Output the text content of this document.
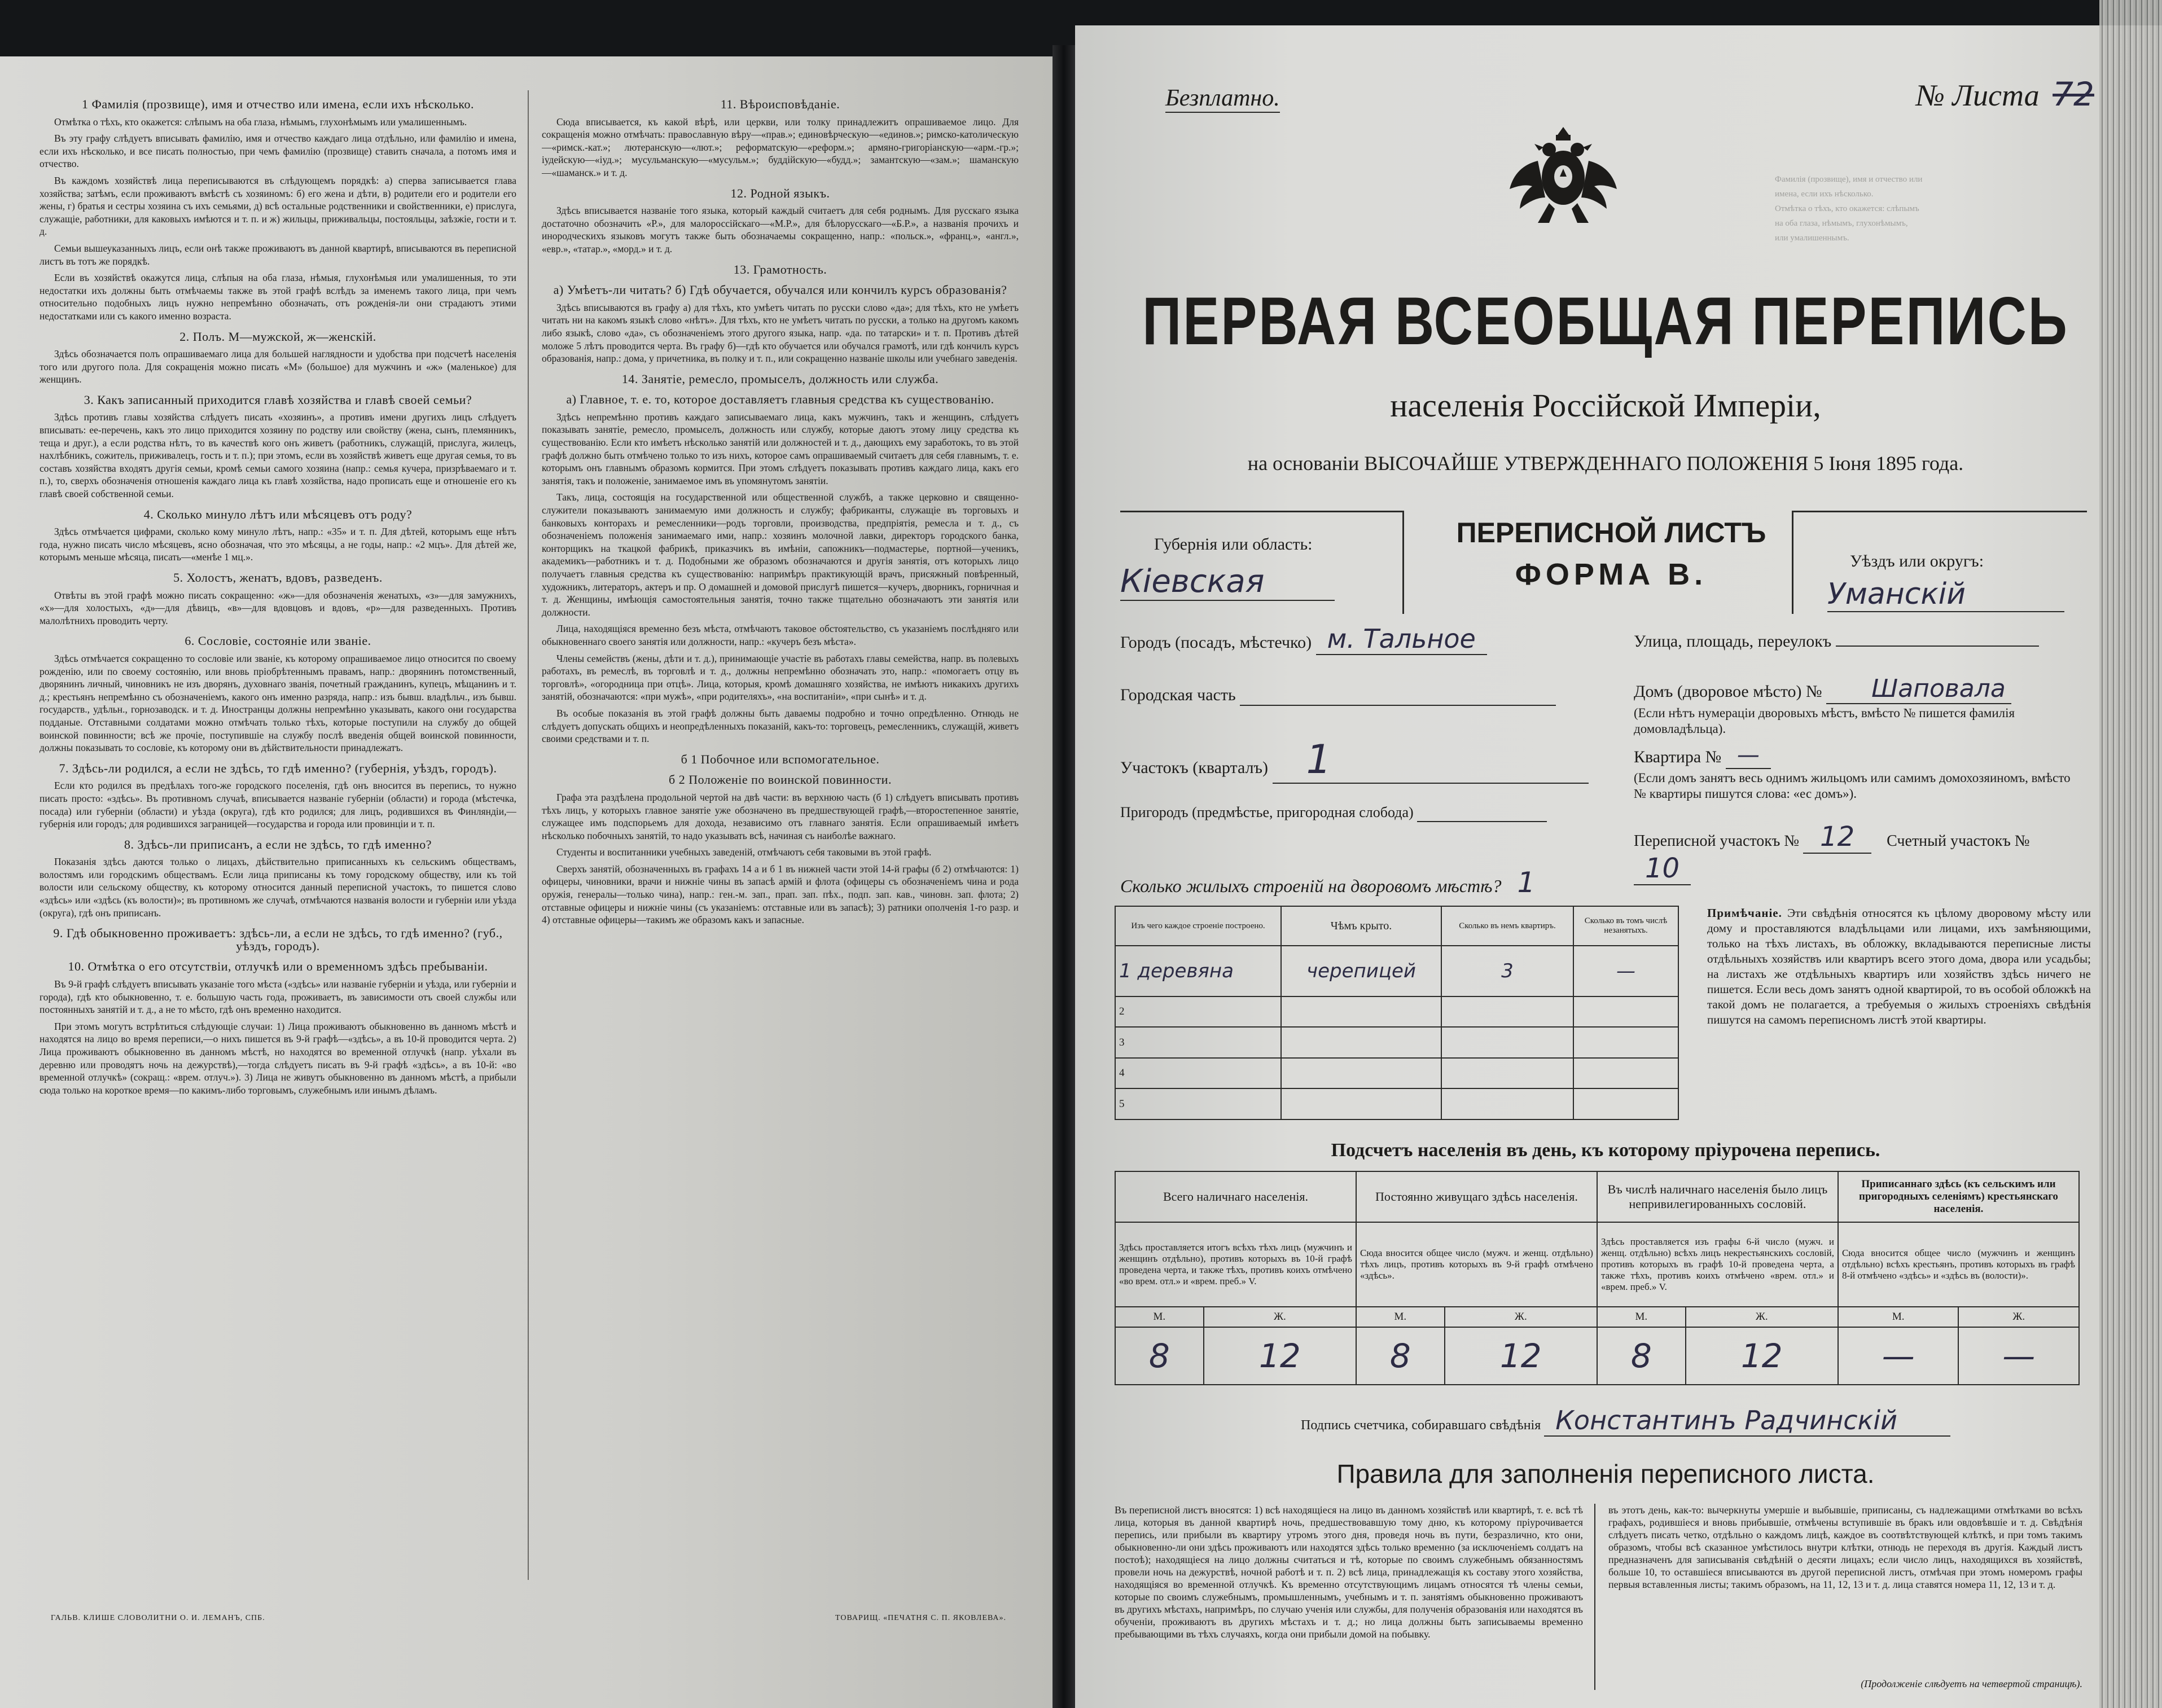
1 Фамилія (прозвище), имя и отчество или имена, если ихъ нѣсколько.

Отмѣтка о тѣхъ, кто окажется: слѣпымъ на оба глаза, нѣмымъ, глухонѣмымъ или умалишеннымъ.

Въ эту графу слѣдуетъ вписывать фамилію, имя и отчество каждаго лица отдѣльно, или фамилію и имена, если ихъ нѣсколько, и все писать полностью, при чемъ фамилію (прозвище) ставить сначала, а потомъ имя и отчество.

Въ каждомъ хозяйствѣ лица переписываются въ слѣдующемъ порядкѣ: а) сперва записывается глава хозяйства; затѣмъ, если проживаютъ вмѣстѣ съ хозяиномъ: б) его жена и дѣти, в) родители его и родители его жены, г) братья и сестры хозяина съ ихъ семьями, д) всѣ остальные родственники и свойственники, е) прислуга, служащіе, работники, для каковыхъ имѣются и т. п. и ж) жильцы, приживальцы, постояльцы, заѣзжіе, гости и т. д.

Семьи вышеуказанныхъ лицъ, если онѣ также проживаютъ въ данной квартирѣ, вписываются въ переписной листъ въ тотъ же порядкѣ.

Если въ хозяйствѣ окажутся лица, слѣпыя на оба глаза, нѣмыя, глухонѣмыя или умалишенныя, то эти недостатки ихъ должны быть отмѣчаемы также въ этой графѣ вслѣдъ за именемъ такого лица, при чемъ относительно подобныхъ лицъ нужно непремѣнно обозначать, отъ рожденія-ли они страдаютъ этими недостатками или съ какого именно возраста.

2. Полъ. М—мужской, ж—женскій.

Здѣсь обозначается полъ опрашиваемаго лица для большей наглядности и удобства при подсчетѣ населенія того или другого пола. Для сокращенія можно писать «М» (большое) для мужчинъ и «ж» (маленькое) для женщинъ.

3. Какъ записанный приходится главѣ хозяйства и главѣ своей семьи?

Здѣсь противъ главы хозяйства слѣдуетъ писать «хозяинъ», а противъ имени другихъ лицъ слѣдуетъ вписывать: ее-перечень, какъ это лицо приходится хозяину по родству или свойству (жена, сынъ, племянникъ, теща и друг.), а если родства нѣтъ, то въ качествѣ кого онъ живетъ (работникъ, служащій, прислуга, жилецъ, нахлѣбникъ, сожитель, приживалецъ, гость и т. п.); при этомъ, если въ хозяйствѣ живетъ еще другая семья, то въ составъ хозяйства входятъ другія семьи, кромѣ семьи самого хозяина (напр.: семья кучера, призрѣваемаго и т. п.), то, сверхъ обозначенія отношенія каждаго лица къ главѣ хозяйства, надо прописать еще и отношеніе его къ главѣ своей собственной семьи.

4. Сколько минуло лѣтъ или мѣсяцевъ отъ роду?

Здѣсь отмѣчается цифрами, сколько кому минуло лѣтъ, напр.: «35» и т. п. Для дѣтей, которымъ еще нѣтъ года, нужно писать число мѣсяцевъ, ясно обозначая, что это мѣсяцы, а не годы, напр.: «2 мцъ». Для дѣтей же, которымъ меньше мѣсяца, писать—«менѣе 1 мц.».

5. Холостъ, женатъ, вдовъ, разведенъ.

Отвѣты въ этой графѣ можно писать сокращенно: «ж»—для обозначенія женатыхъ, «з»—для замужнихъ, «х»—для холостыхъ, «д»—для дѣвицъ, «в»—для вдовцовъ и вдовъ, «р»—для разведенныхъ. Противъ малолѣтнихъ проводить черту.

6. Сословіе, состояніе или званіе.

Здѣсь отмѣчается сокращенно то сословіе или званіе, къ которому опрашиваемое лицо относится по своему рожденію, или по своему состоянію, или вновь пріобрѣтеннымъ правамъ, напр.: дворянинъ потомственный, дворянинъ личный, чиновникъ не изъ дворянъ, духовнаго званія, почетный гражданинъ, купецъ, мѣщанинъ и т. д.; крестьянъ непремѣнно съ обозначеніемъ, какого онъ именно разряда, напр.: изъ бывш. владѣльч., изъ бывш. государств., удѣльн., горнозаводск. и т. д. Иностранцы должны непремѣнно указывать, какого они государства подданые. Отставными солдатами можно отмѣчать только тѣхъ, которые поступили на службу до общей воинской повинности; всѣ же прочіе, поступившіе на службу послѣ введенія общей воинской повинности, должны показывать то сословіе, къ которому они въ дѣйствительности принадлежатъ.

7. Здѣсь-ли родился, а если не здѣсь, то гдѣ именно? (губернія, уѣздъ, городъ).

Если кто родился въ предѣлахъ того-же городского поселенія, гдѣ онъ вносится въ перепись, то нужно писать просто: «здѣсь». Въ противномъ случаѣ, вписывается названіе губерніи (области) и города (мѣстечка, посада) или губерніи (области) и уѣзда (округа), гдѣ кто родился; для лицъ, родившихся въ Финляндіи,—губернія или городъ; для родившихся заграницей—государства и города или провинціи и т. п.

8. Здѣсь-ли приписанъ, а если не здѣсь, то гдѣ именно?

Показанія здѣсь даются только о лицахъ, дѣйствительно приписанныхъ къ сельскимъ обществамъ, волостямъ или городскимъ обществамъ. Если лица приписаны къ тому городскому обществу, или къ той волости или сельскому обществу, къ которому относится данный переписной участокъ, то пишется слово «здѣсь» или «здѣсь (къ волости)»; въ противномъ же случаѣ, отмѣчаются названія волости и губерніи или уѣзда (округа), гдѣ онъ приписанъ.

9. Гдѣ обыкновенно проживаетъ: здѣсь-ли, а если не здѣсь, то гдѣ именно? (губ., уѣздъ, городъ).
10. Отмѣтка о его отсутствіи, отлучкѣ или о временномъ здѣсь пребываніи.

Въ 9-й графѣ слѣдуетъ вписывать указаніе того мѣста («здѣсь» или названіе губерніи и уѣзда, или губерніи и города), гдѣ кто обыкновенно, т. е. большую часть года, проживаетъ, въ зависимости отъ своей службы или постоянныхъ занятій и т. д., а не то мѣсто, гдѣ онъ временно находится.

При этомъ могутъ встрѣтиться слѣдующіе случаи: 1) Лица проживаютъ обыкновенно въ данномъ мѣстѣ и находятся на лицо во время переписи,—о нихъ пишется въ 9-й графѣ—«здѣсь», а въ 10-й проводится черта. 2) Лица проживаютъ обыкновенно въ данномъ мѣстѣ, но находятся во временной отлучкѣ (напр. уѣхали въ деревню или проводятъ ночь на дежурствѣ),—тогда слѣдуетъ писать въ 9-й графѣ «здѣсь», а въ 10-й: «во временной отлучкѣ» (сокращ.: «врем. отлуч.»). 3) Лица не живутъ обыкновенно въ данномъ мѣстѣ, а прибыли сюда только на короткое время—по какимъ-либо торговымъ, служебнымъ или инымъ дѣламъ.

11. Вѣроисповѣданіе.

Сюда вписывается, къ какой вѣрѣ, или церкви, или толку принадлежитъ опрашиваемое лицо. Для сокращенія можно отмѣчать: православную вѣру—«прав.»; единовѣрческую—«единов.»; римско-католическую—«римск.-кат.»; лютеранскую—«лют.»; реформатскую—«реформ.»; армяно-григоріанскую—«арм.-гр.»; іудейскую—«іуд.»; мусульманскую—«мусульм.»; буддійскую—«будд.»; замантскую—«зам.»; шаманскую—«шаманск.» и т. д.

12. Родной языкъ.

Здѣсь вписывается названіе того языка, который каждый считаетъ для себя роднымъ. Для русскаго языка достаточно обозначить «Р.», для малороссійскаго—«М.Р.», для бѣлорусскаго—«Б.Р.», а названія прочихъ и инородческихъ языковъ могутъ также быть обозначаемы сокращенно, напр.: «польск.», «франц.», «англ.», «евр.», «татар.», «морд.» и т. д.

13. Грамотность.
а) Умѣетъ-ли читать? б) Гдѣ обучается, обучался или кончилъ курсъ образованія?

Здѣсь вписываются въ графу а) для тѣхъ, кто умѣетъ читать по русски слово «да»; для тѣхъ, кто не умѣетъ читать ни на какомъ языкѣ слово «нѣтъ». Для тѣхъ, кто не умѣетъ читать по русски, а только на другомъ какомъ либо языкѣ, слово «да», съ обозначеніемъ этого другого языка, напр. «да. по татарски» и т. п. Противъ дѣтей моложе 5 лѣтъ проводится черта. Въ графу б)—гдѣ кто обучается или обучался грамотѣ, или гдѣ кончилъ курсъ образованія, напр.: дома, у причетника, въ полку и т. п., или сокращенно названіе школы или учебнаго заведенія.

14. Занятіе, ремесло, промыселъ, должность или служба.
а) Главное, т. е. то, которое доставляетъ главныя средства къ существованію.

Здѣсь непремѣнно противъ каждаго записываемаго лица, какъ мужчинъ, такъ и женщинъ, слѣдуетъ показывать занятіе, ремесло, промыселъ, должность или службу, которые даютъ этому лицу средства къ существованію. Если кто имѣетъ нѣсколько занятій или должностей и т. д., дающихъ ему заработокъ, то въ этой графѣ должно быть отмѣчено только то изъ нихъ, которое самъ опрашиваемый считаетъ для себя главнымъ, т. е. которымъ онъ главнымъ образомъ кормится. При этомъ слѣдуетъ показывать противъ каждаго лица, какъ его занятія, такъ и положеніе, занимаемое имъ въ упомянутомъ занятіи.

Такъ, лица, состоящія на государственной или общественной службѣ, а также церковно и священно-служители показываютъ занимаемую ими должность и службу; фабриканты, служащіе въ торговыхъ и банковыхъ конторахъ и ремесленники—родъ торговли, производства, предпріятія, ремесла и т. д., съ обозначеніемъ положенія занимаемаго ими, напр.: хозяинъ молочной лавки, директоръ городского банка, конторщикъ на ткацкой фабрикѣ, приказчикъ въ имѣніи, сапожникъ—подмастерье, портной—ученикъ, академикъ—работникъ и т. д. Подобными же образомъ обозначаются и другія занятія, отъ которыхъ лицо получаетъ главныя средства къ существованію: напримѣръ практикующій врачъ, присяжный повѣренный, художникъ, литераторъ, актеръ и пр. О домашней и домовой прислугѣ пишется—кучеръ, дворникъ, горничная и т. д. Женщины, имѣющія самостоятельныя занятія, точно также тщательно обозначаютъ эти занятія или должности.

Лица, находящіяся временно безъ мѣста, отмѣчаютъ таковое обстоятельство, съ указаніемъ послѣдняго или обыкновеннаго своего занятія или должности, напр.: «кучеръ безъ мѣста».

Члены семействъ (жены, дѣти и т. д.), принимающіе участіе въ работахъ главы семейства, напр. въ полевыхъ работахъ, въ ремеслѣ, въ торговлѣ и т. д., должны непремѣнно обозначать это, напр.: «помогаетъ отцу въ торговлѣ», «огородница при отцѣ». Лица, которыя, кромѣ домашняго хозяйства, не имѣютъ никакихъ другихъ занятій, обозначаются: «при мужѣ», «при родителяхъ», «на воспитаніи», «при сынѣ» и т. д.

Въ особые показанія въ этой графѣ должны быть даваемы подробно и точно опредѣленно. Отнюдь не слѣдуетъ допускать общихъ и неопредѣленныхъ показаній, какъ-то: торговецъ, ремесленникъ, служащій, живетъ своими средствами и т. п.

б 1 Побочное или вспомогательное.
б 2 Положеніе по воинской повинности.

Графа эта раздѣлена продольной чертой на двѣ части: въ верхнюю часть (б 1) слѣдуетъ вписывать противъ тѣхъ лицъ, у которыхъ главное занятіе уже обозначено въ предшествующей графѣ,—второстепенное занятіе, служащее имъ подспорьемъ для дохода, независимо отъ главнаго занятія. Если опрашиваемый имѣетъ нѣсколько побочныхъ занятій, то надо указывать всѣ, начиная съ наиболѣе важнаго.

Студенты и воспитанники учебныхъ заведеній, отмѣчаютъ себя таковыми въ этой графѣ.

Сверхъ занятій, обозначенныхъ въ графахъ 14 а и б 1 въ нижней части этой 14-й графы (б 2) отмѣчаются: 1) офицеры, чиновники, врачи и нижніе чины въ запасѣ армій и флота (офицеры съ обозначеніемъ чина и рода оружія, генералы—только чина), напр.: ген.-м. зап., прап. зап. пѣх., подп. зап. кав., чиновн. зап. флота; 2) отставные офицеры и нижніе чины (съ указаніемъ: отставные или въ запасѣ); 3) ратники ополченія 1-го разр. и 4) отставные офицеры—такимъ же образомъ какъ и запасные.

ГАЛЬВ. КЛИШЕ СЛОВОЛИТНИ О. И. ЛЕМАНЪ, СПБ.	ТОВАРИЩ. «ПЕЧАТНЯ С. П. ЯКОВЛЕВА».
Фамилія (прозвище), имя и отчество или
имена, если ихъ нѣсколько.
Отмѣтка о тѣхъ, кто окажется: слѣпымъ
на оба глаза, нѣмымъ, глухонѣмымъ,
или умалишеннымъ.
Безплатно.	№ Листа 72
ПЕРВАЯ ВСЕОБЩАЯ ПЕРЕПИСЬ
населенія Россійской Имперіи,
на основаніи ВЫСОЧАЙШЕ УТВЕРЖДЕННАГО ПОЛОЖЕНІЯ 5 Іюня 1895 года.
Губернія или область:
Кiевская
ПЕРЕПИСНОЙ ЛИСТЪ
ФОРМА В.	Уѣздъ или округъ:
Уманскiй
Городъ (посадъ, мѣстечко) м. Тальное	Улица, площадь, переулокъ
Городская часть	Домъ (дворовое мѣсто) № Шаповала
(Если нѣтъ нумераціи дворовыхъ мѣстъ, вмѣсто № пишется фамилія домовладѣльца).
Участокъ (кварталъ) 1	Квартира № —
(Если домъ занятъ весь однимъ жильцомъ или самимъ домохозяиномъ, вмѣсто № квартиры пишутся слова: «ес домъ»).
Пригородъ (предмѣстье, пригородная слобода)
Переписной участокъ № 12 Счетный участокъ № 10
Сколько жилыхъ строеній на дворовомъ мѣстѣ? 1
Изъ чего каждое строеніе построено.	Чѣмъ крыто.	Сколько въ немъ квартиръ.	Сколько въ томъ числѣ незанятыхъ.
1 деревяна	черепицей	3	—
2			
3			
4			
5			
Примѣчаніе. Эти свѣдѣнія относятся къ цѣлому дворовому мѣсту или дому и проставляются владѣльцами или лицами, ихъ замѣняющими, только на тѣхъ листахъ, въ обложку, вкладываются переписные листы отдѣльныхъ хозяйствъ или квартиръ всего этого дома, двора или усадьбы; на листахъ же отдѣльныхъ квартиръ или хозяйствъ здѣсь ничего не пишется. Если весь домъ занятъ одной квартирой, то въ особой обложкѣ на такой домъ не полагается, а требуемыя о жилыхъ строеніяхъ свѣдѣнія пишутся на самомъ переписномъ листѣ этой квартиры.
Подсчетъ населенія въ день, къ которому пріурочена перепись.
Всего наличнаго населенія.		Постоянно живущаго здѣсь населенія.		Въ числѣ наличнаго населенія было лицъ непривилегированныхъ сословій.		Приписаннаго здѣсь (къ сельскимъ или пригородныхъ селеніямъ) крестьянскаго населенія.	
Здѣсь проставляется итогъ всѣхъ тѣхъ лицъ (мужчинъ и женщинъ отдѣльно), противъ которыхъ въ 10-й графѣ проведена черта, и также тѣхъ, противъ коихъ отмѣчено «во врем. отл.» и «врем. преб.» V.		Сюда вносится общее число (мужч. и женщ. отдѣльно) тѣхъ лицъ, противъ которыхъ въ 9-й графѣ отмѣчено «здѣсь».		Здѣсь проставляется изъ графы 6-й число (мужч. и женщ. отдѣльно) всѣхъ лицъ некрестьянскихъ сословій, противъ которыхъ въ графѣ 10-й проведена черта, а также тѣхъ, противъ коихъ отмѣчено «врем. отл.» и «врем. преб.» V.		Сюда вносится общее число (мужчинъ и женщинъ отдѣльно) всѣхъ крестьянъ, противъ которыхъ въ графѣ 8-й отмѣчено «здѣсь» и «здѣсь въ (волости)».	
М.	Ж.	М.	Ж.	М.	Ж.	М.	Ж.
8	12	8	12	8	12	—	—
Подпись счетчика, собиравшаго свѣдѣнія Константинъ Радчинскiй
Правила для заполненія переписного листа.
Въ переписной листъ вносятся: 1) всѣ находящіеся на лицо въ данномъ хозяйствѣ или квартирѣ, т. е. всѣ тѣ лица, которыя въ данной квартирѣ ночь, предшествовавшую тому дню, къ которому пріурочивается перепись, или прибыли въ квартиру утромъ этого дня, проведя ночь въ пути, безразлично, кто они, обыкновенно-ли они здѣсь проживаютъ или находятся здѣсь только временно (за исключеніемъ солдатъ на постоѣ); находящіеся на лицо должны считаться и тѣ, которые по своимъ служебнымъ обязанностямъ провели ночь на дежурствѣ, ночной работѣ и т. п. 2) всѣ лица, принадлежащія къ составу этого хозяйства, находящіяся во временной отлучкѣ. Къ временно отсутствующимъ лицамъ относятся тѣ члены семьи, которые по своимъ служебнымъ, промышленнымъ, учебнымъ и т. п. занятіямъ обыкновенно проживаютъ въ другихъ мѣстахъ, напримѣръ, по случаю ученія или службы, для полученія образованія или находятся въ обученіи, проживаютъ въ другихъ мѣстахъ и т. д.; но лица должны быть записываемы временно пребывающими въ тѣхъ случаяхъ, когда они прибыли домой на побывку.
въ этотъ день, как-то: вычеркнуты умершіе и выбывшіе, приписаны, съ надлежащими отмѣтками во всѣхъ графахъ, родившіеся и вновь прибывшіе, отмѣчены вступившіе въ бракъ или овдовѣвшіе и т. д. Свѣдѣнія слѣдуетъ писать четко, отдѣльно о каждомъ лицѣ, каждое въ соотвѣтствующей клѣткѣ, и при томъ такимъ образомъ, чтобы всѣ сказанное умѣстилось внутри клѣтки, отнюдь не переходя въ другія. Каждый листъ предназначенъ для записыванія свѣдѣній о десяти лицахъ; если число лицъ, находящихся въ хозяйствѣ, больше 10, то оставшіеся вписываются въ другой переписной листъ, отмѣчая при этомъ номеромъ графы первыя вставленныя листы; такимъ образомъ, на 11, 12, 13 и т. д. лица ставятся номера 11, 12, 13 и т. д.
(Продолженіе слѣдуетъ на четвертой страницѣ).
